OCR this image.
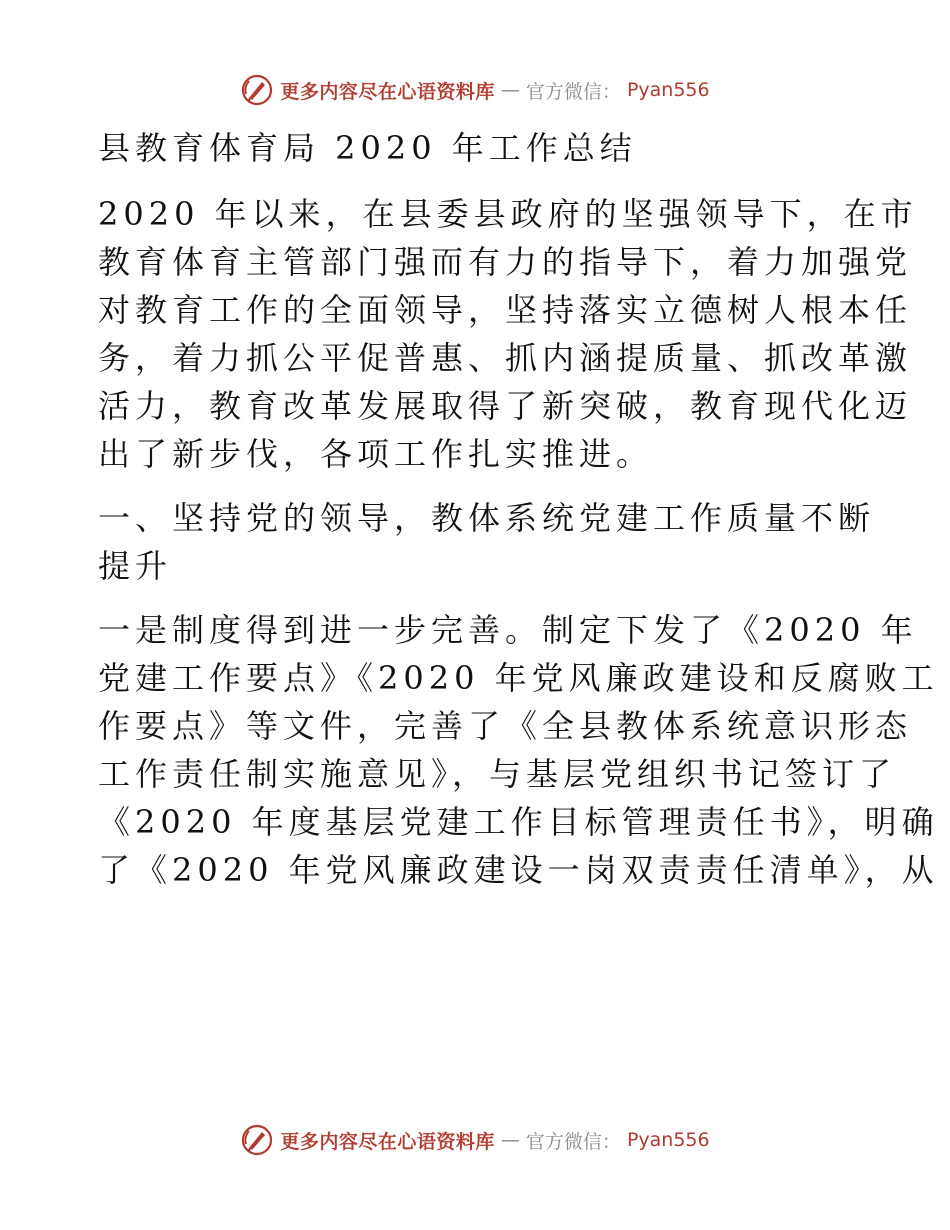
更多内容尽在心语资料库 — 官方微信： Pyan556
县教育体育局 2020 年工作总结
2020 年以来，在县委县政府的坚强领导下，在市
教育体育主管部门强而有力的指导下，着力加强党
对教育工作的全面领导，坚持落实立德树人根本任
务，着力抓公平促普惠、抓内涵提质量、抓改革激
活力，教育改革发展取得了新突破，教育现代化迈
出了新步伐，各项工作扎实推进。
一、坚持党的领导，教体系统党建工作质量不断
提升
一是制度得到进一步完善。制定下发了《2020 年
党建工作要点》《2020 年党风廉政建设和反腐败工
作要点》等文件，完善了《全县教体系统意识形态
工作责任制实施意见》，与基层党组织书记签订了
《2020 年度基层党建工作目标管理责任书》，明确
了《2020 年党风廉政建设一岗双责责任清单》，从
更多内容尽在心语资料库 — 官方微信： Pyan556
